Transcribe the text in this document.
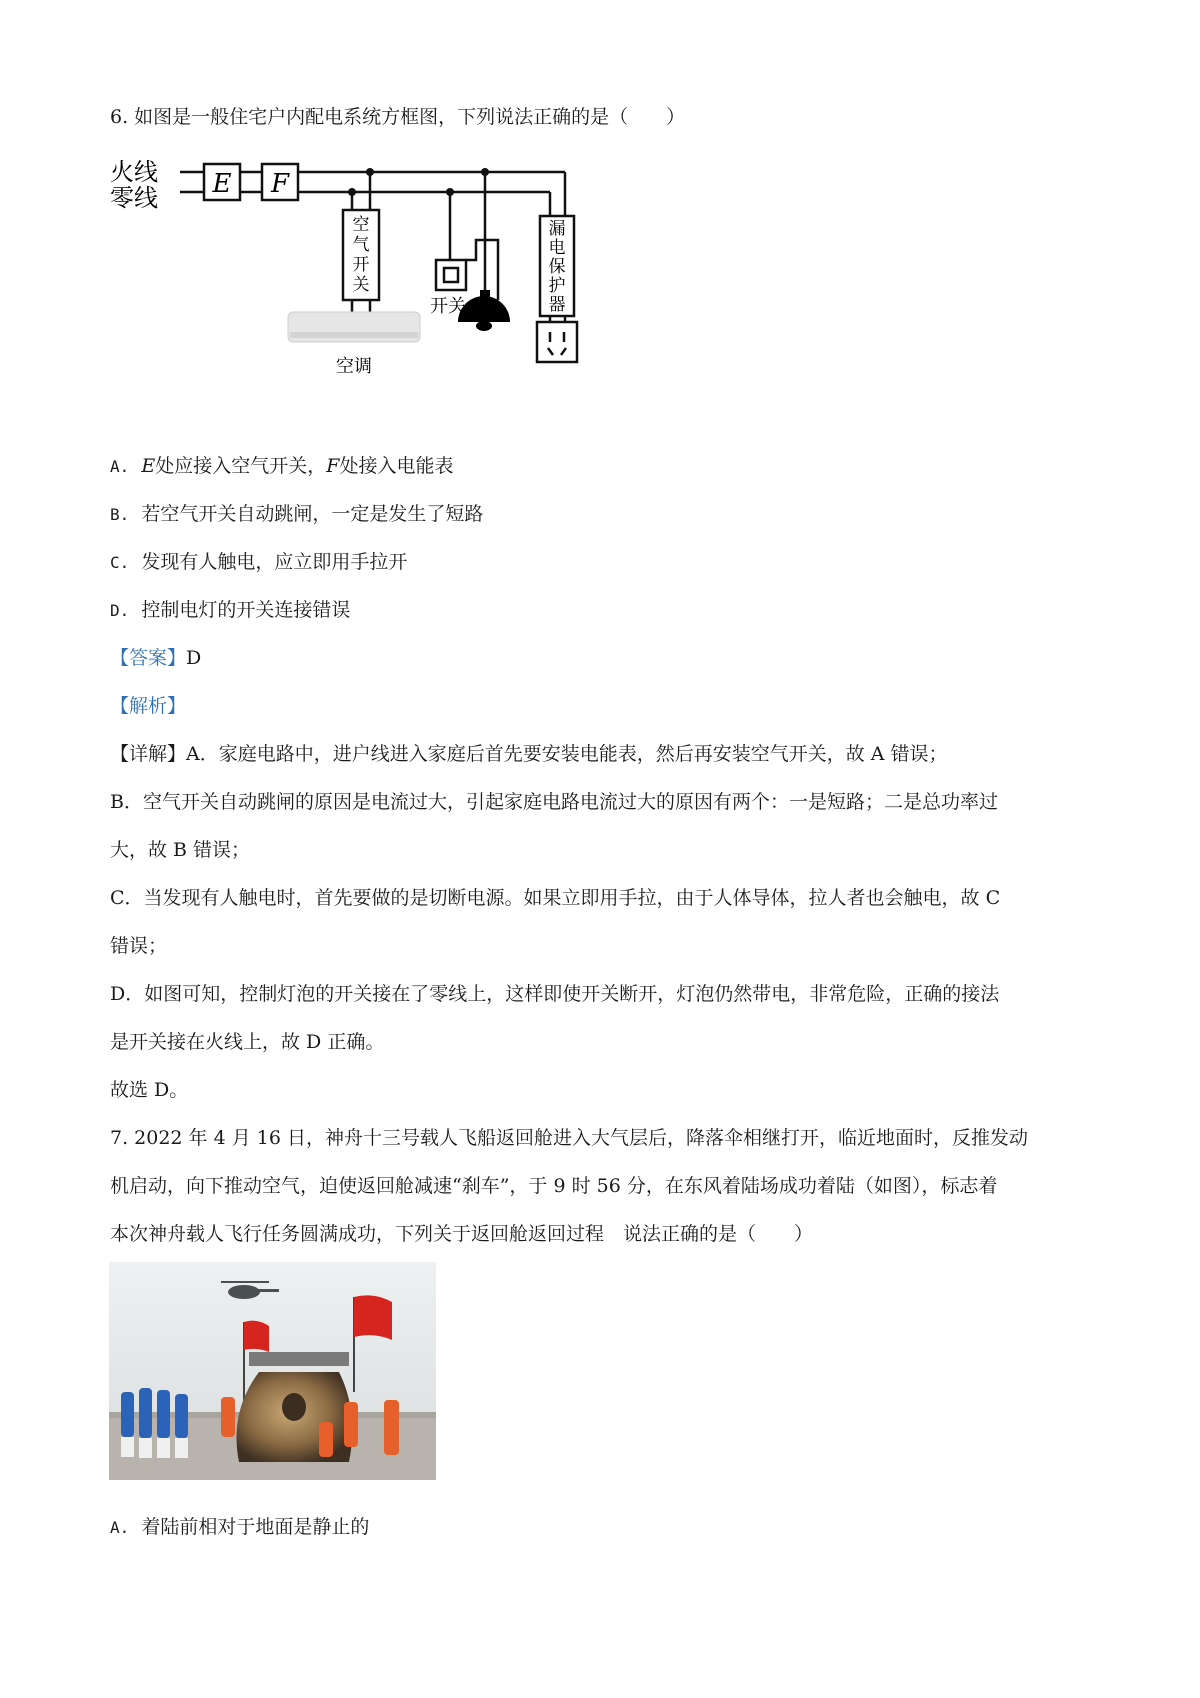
6. 如图是一般住宅户内配电系统方框图，下列说法正确的是（　　）
火线
零线 E F
空
气
开
关
漏
电
保
护
器
开关
空调
A. E处应接入空气开关，F处接入电能表
B. 若空气开关自动跳闸，一定是发生了短路
C. 发现有人触电，应立即用手拉开
D. 控制电灯的开关连接错误
【答案】D
【解析】
【详解】A．家庭电路中，进户线进入家庭后首先要安装电能表，然后再安装空气开关，故 A 错误；
B．空气开关自动跳闸的原因是电流过大，引起家庭电路电流过大的原因有两个：一是短路；二是总功率过
大，故 B 错误；
C．当发现有人触电时，首先要做的是切断电源。如果立即用手拉，由于人体导体，拉人者也会触电，故 C
错误；
D．如图可知，控制灯泡的开关接在了零线上，这样即使开关断开，灯泡仍然带电，非常危险，正确的接法
是开关接在火线上，故 D 正确。
故选 D。
7. 2022 年 4 月 16 日，神舟十三号载人飞船返回舱进入大气层后，降落伞相继打开，临近地面时，反推发动
机启动，向下推动空气，迫使返回舱减速“刹车”，于 9 时 56 分，在东风着陆场成功着陆（如图），标志着
本次神舟载人飞行任务圆满成功，下列关于返回舱返回过程　说法正确的是（　　）
A. 着陆前相对于地面是静止的
